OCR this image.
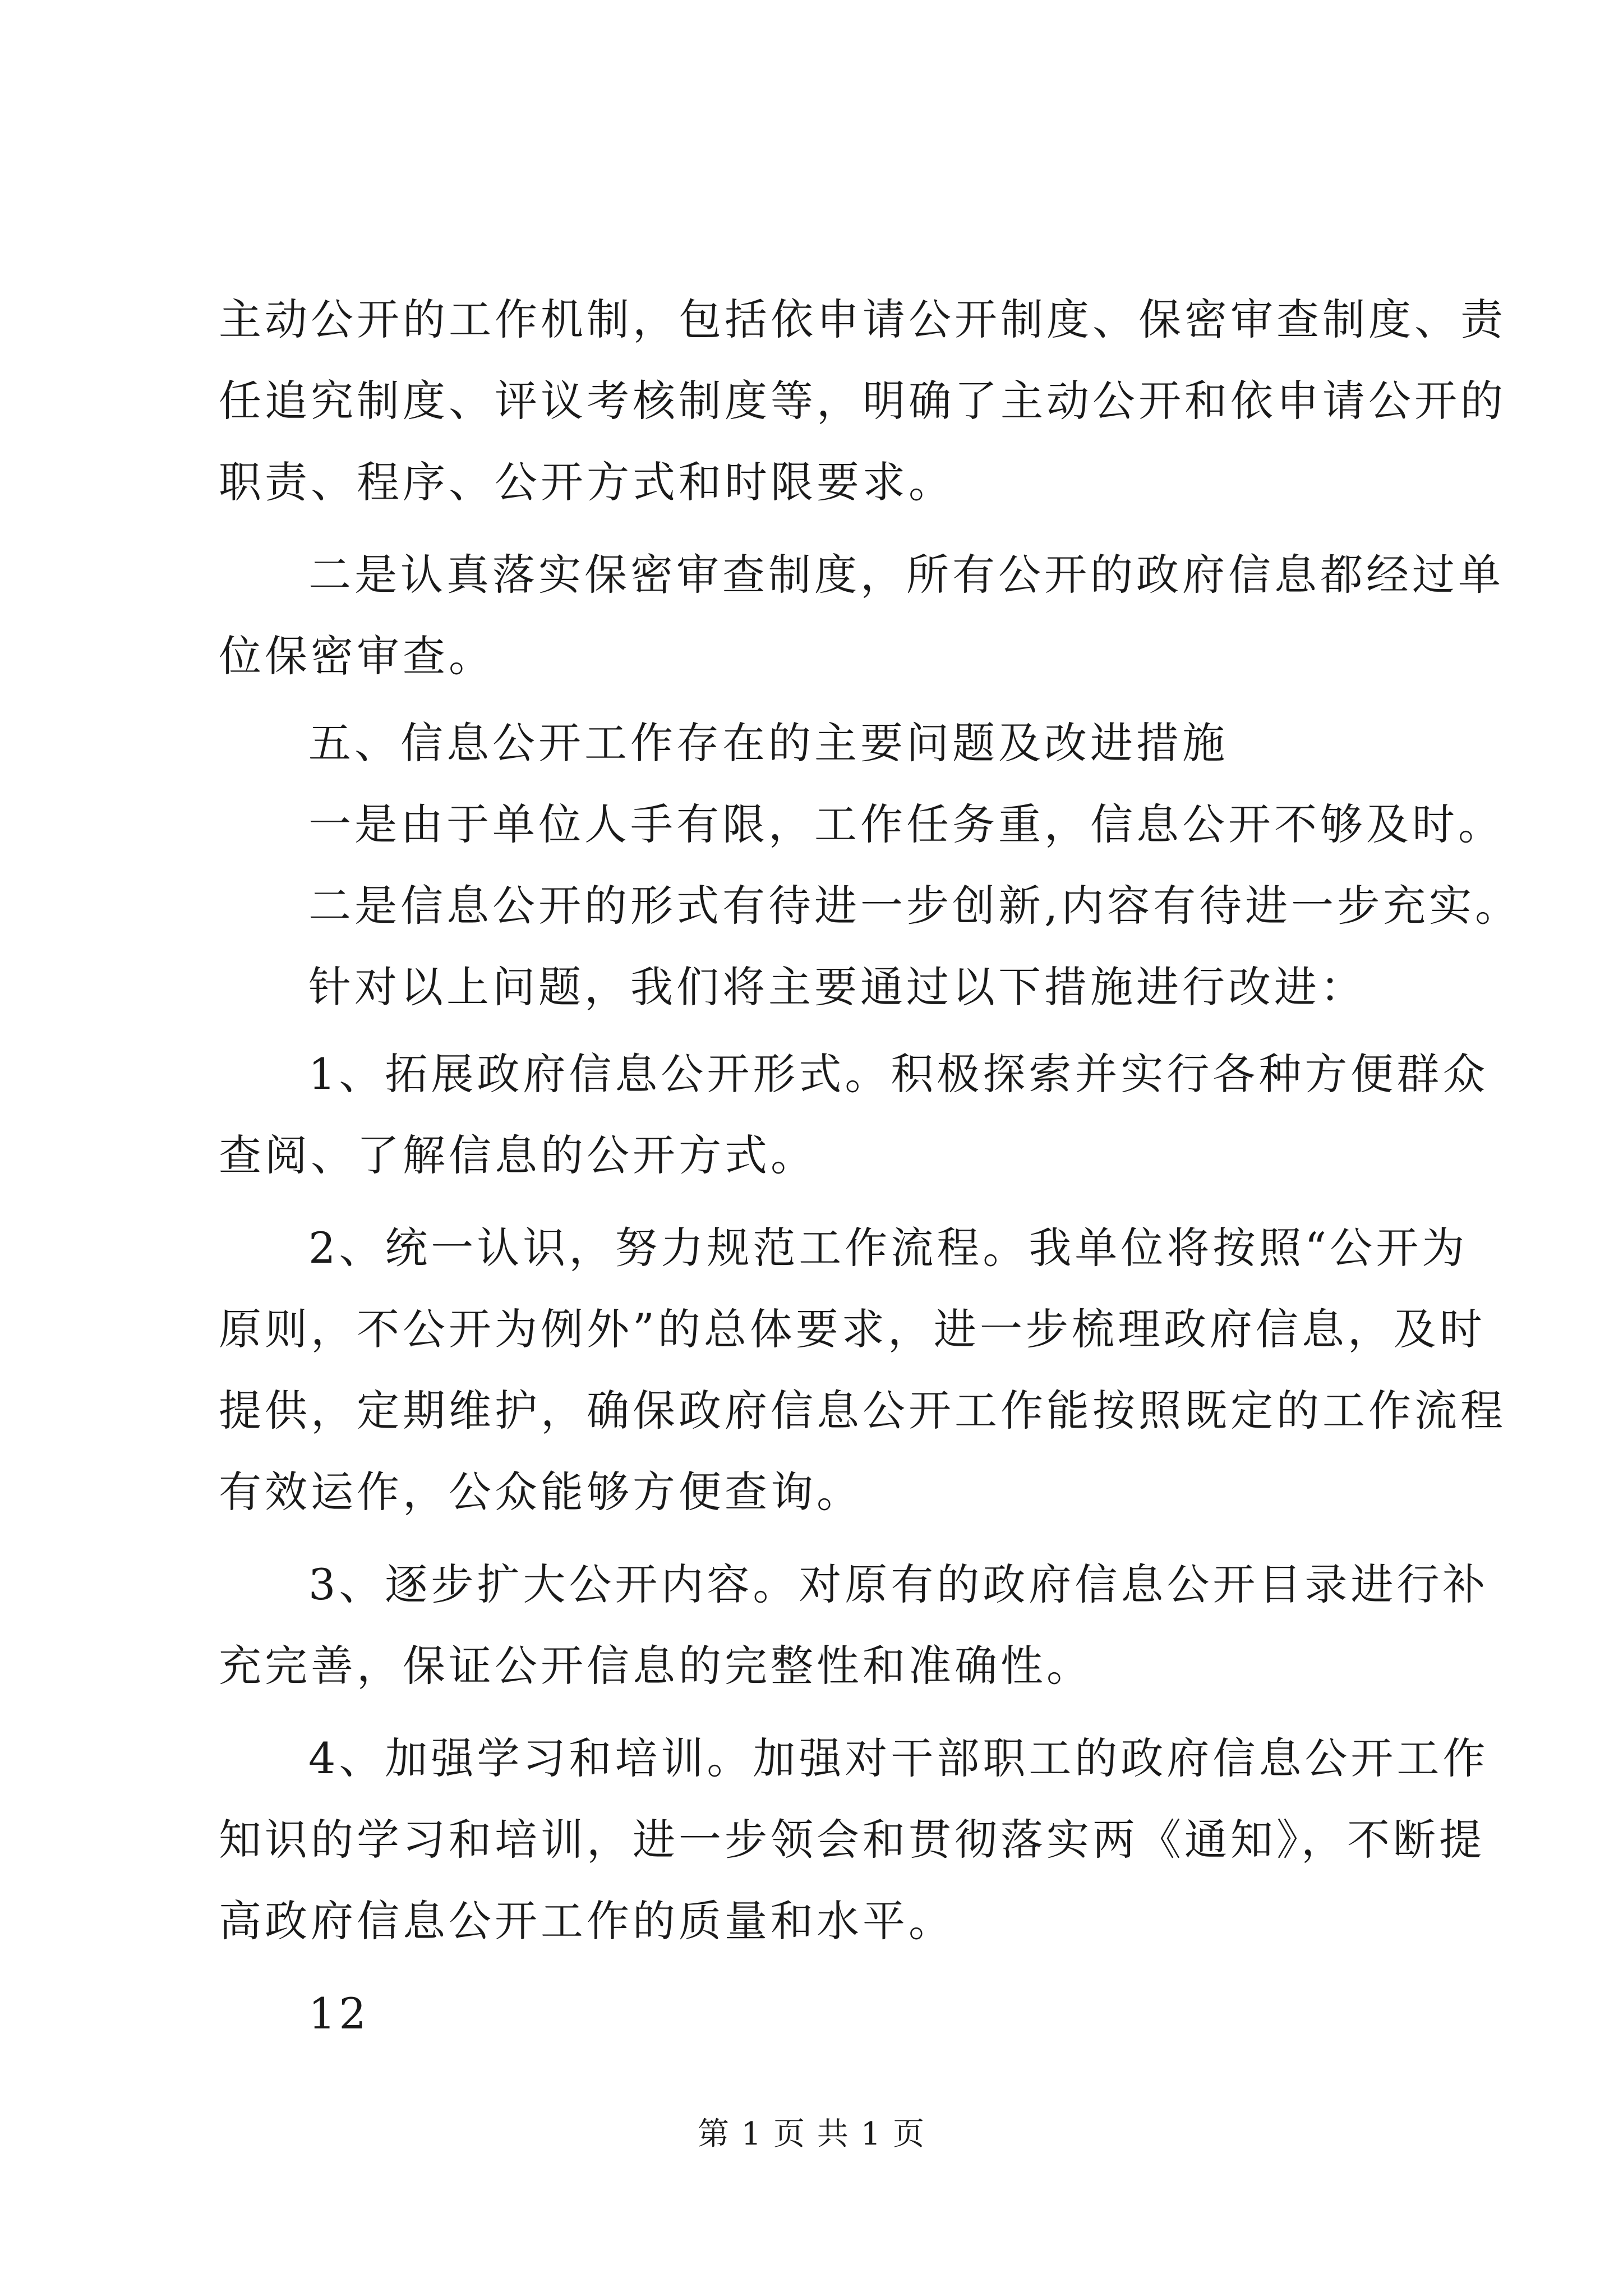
主动公开的工作机制，包括依申请公开制度、保密审查制度、责
任追究制度、评议考核制度等，明确了主动公开和依申请公开的
职责、程序、公开方式和时限要求。
二是认真落实保密审查制度，所有公开的政府信息都经过单
位保密审查。
五、信息公开工作存在的主要问题及改进措施
一是由于单位人手有限，工作任务重，信息公开不够及时。
二是信息公开的形式有待进一步创新,内容有待进一步充实。
针对以上问题，我们将主要通过以下措施进行改进：
1、拓展政府信息公开形式。积极探索并实行各种方便群众
查阅、了解信息的公开方式。
2、统一认识，努力规范工作流程。我单位将按照“公开为
原则，不公开为例外”的总体要求，进一步梳理政府信息，及时
提供，定期维护，确保政府信息公开工作能按照既定的工作流程
有效运作，公众能够方便查询。
3、逐步扩大公开内容。对原有的政府信息公开目录进行补
充完善，保证公开信息的完整性和准确性。
4、加强学习和培训。加强对干部职工的政府信息公开工作
知识的学习和培训，进一步领会和贯彻落实两《通知》，不断提
高政府信息公开工作的质量和水平。
12
第 1 页 共 1 页
